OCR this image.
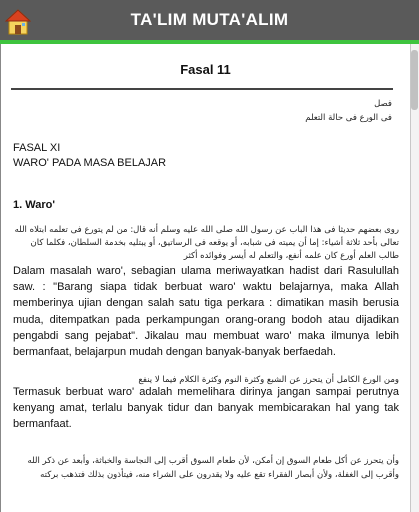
TA'LIM MUTA'ALIM
Fasal 11
فصل
فى الورع فى حالة التعلم
FASAL XI
WARO' PADA MASA BELAJAR
1. Waro'
روى بعضهم حديثا فى هذا الباب عن رسول الله صلى الله عليه وسلم أنه قال: من لم يتورع فى تعلمه ابتلاه الله تعالى بأحد ثلاثة أشياء: إما أن يميته فى شبابه، أو يوقعه فى الرساتيق، أو يبتليه بخدمة السلطان، فكلما كان طالب العلم أورع كان علمه أنفع، والتعلم له أيسر وفوائده أكثر
Dalam masalah waro', sebagian ulama meriwayatkan hadist dari Rasulullah saw. : "Barang siapa tidak berbuat waro' waktu belajarnya, maka Allah memberinya ujian dengan salah satu tiga perkara : dimatikan masih berusia muda, ditempatkan pada perkampungan orang-orang bodoh atau dijadikan pengabdi sang pejabat". Jikalau mau membuat waro' maka ilmunya lebih bermanfaat, belajarpun mudah dengan banyak-banyak berfaedah.
ومن الورع الكامل أن يتحرز عن الشبع وكثرة النوم وكثرة الكلام فيما لا ينفع
Termasuk berbuat waro' adalah memelihara dirinya jangan sampai perutnya kenyang amat, terlalu banyak tidur dan banyak membicarakan hal yang tak bermanfaat.
وأن يتحرز عن أكل طعام السوق إن أمكن، لأن طعام السوق أقرب إلى النجاسة والخباثة، وأبعد عن ذكر الله وأقرب إلى الغفلة، ولأن أبصار الفقراء تقع عليه ولا يقدرون على الشراء منه، فيتأذون بذلك فتذهب بركته
